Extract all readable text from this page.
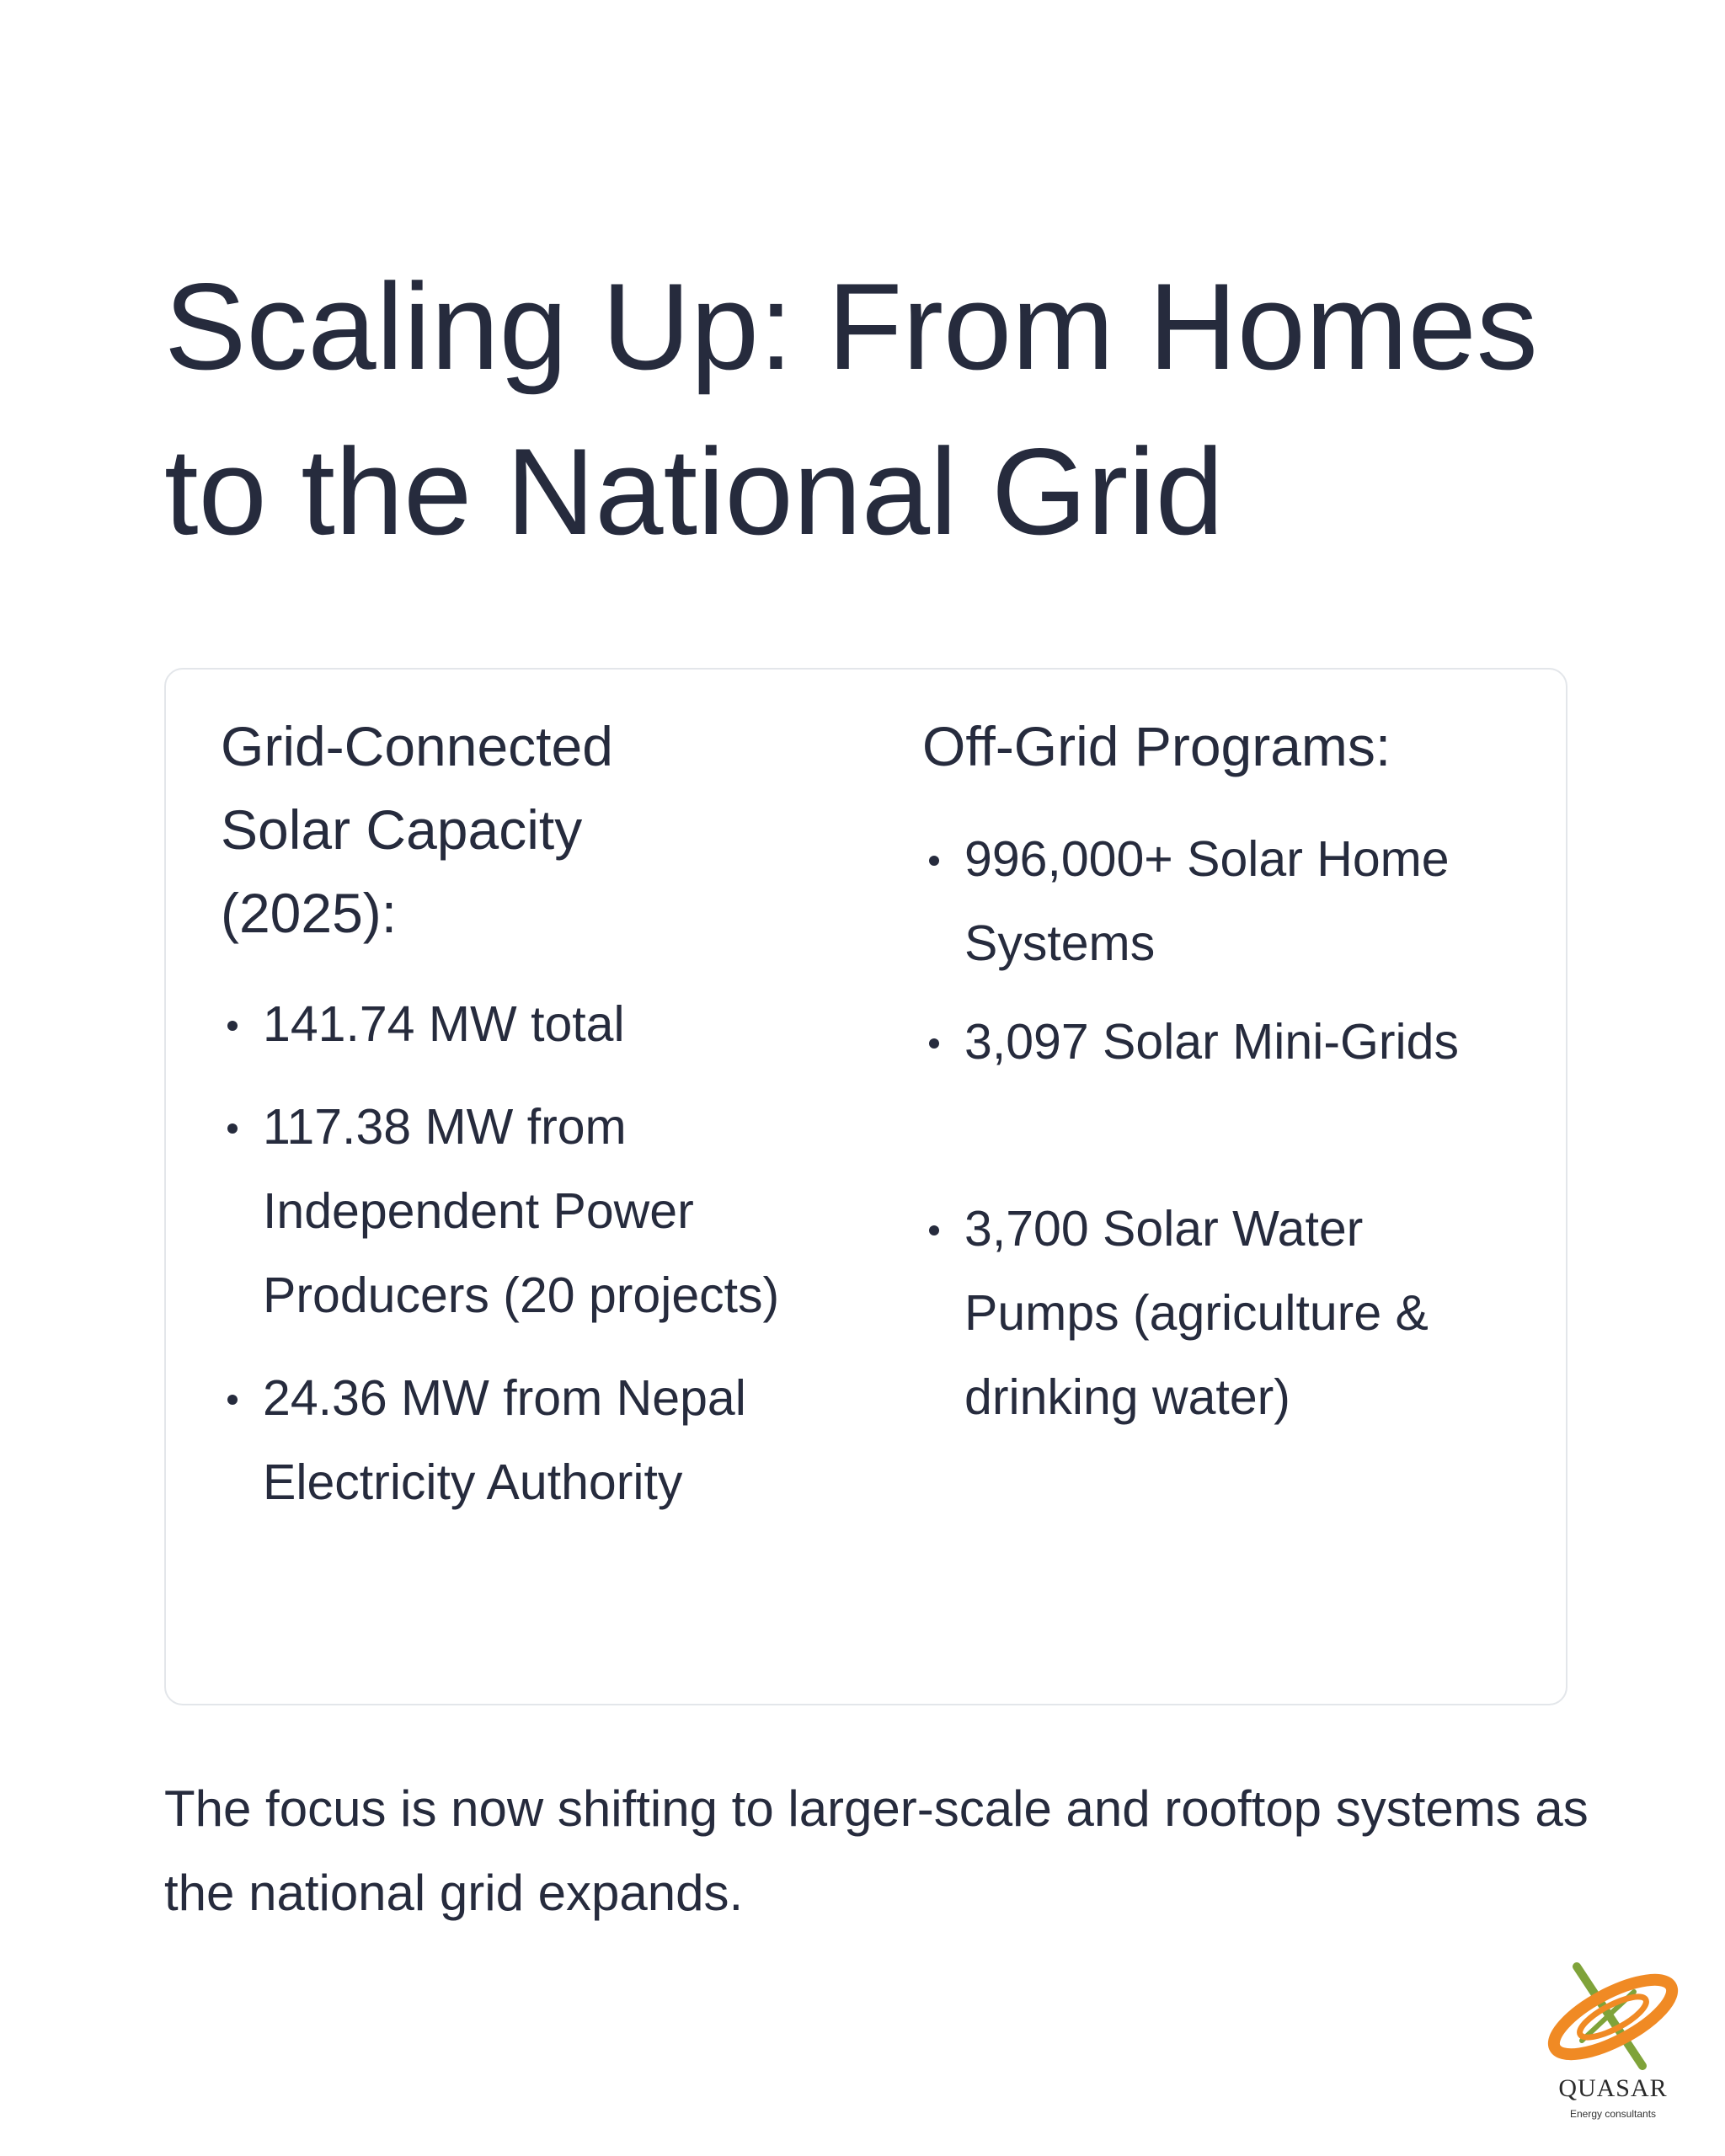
Scaling Up: From Homes
to the National Grid
Grid-Connected
Solar Capacity
(2025):
141.74 MW total
117.38 MW from Independent Power Producers (20 projects)
24.36 MW from Nepal Electricity Authority
Off-Grid Programs:
996,000+ Solar Home Systems
3,097 Solar Mini-Grids
3,700 Solar Water Pumps (agriculture & drinking water)

The focus is now shifting to larger-scale and rooftop systems as the national grid expands.

QUASAR
Energy consultants
